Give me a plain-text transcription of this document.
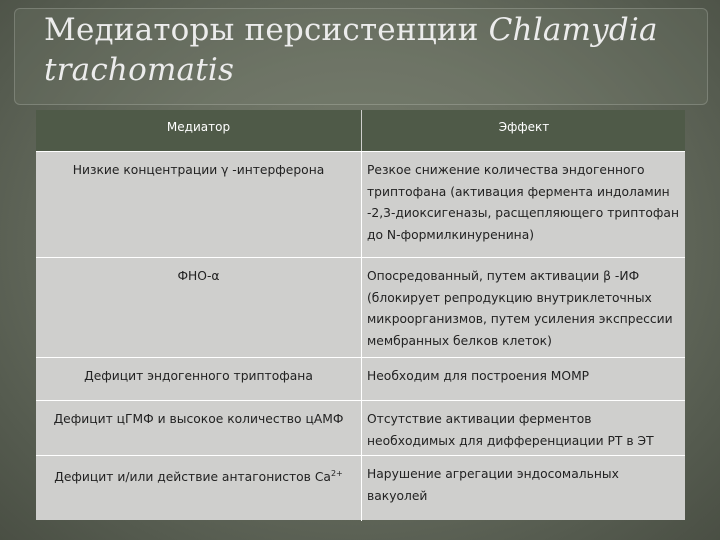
Медиаторы персистенции Chlamydia trachomatis
Медиатор	Эффект
Низкие концентрации γ -интерферона	Резкое снижение количества эндогенного триптофана (активация фермента индоламин -2,3-диоксигеназы, расщепляющего триптофан до N-формилкинуренина)
ФНО-α	Опосредованный, путем активации β -ИФ (блокирует репродукцию внутриклеточных микроорганизмов, путем усиления экспрессии мембранных белков клеток)
Дефицит эндогенного триптофана	Необходим для построения МОМР
Дефицит цГМФ и высокое количество цАМФ	Отсутствие активации ферментов необходимых для дифференциации РТ в ЭТ
Дефицит и/или действие антагонистов $Са^{2+}$	Нарушение агрегации эндосомальных вакуолей
